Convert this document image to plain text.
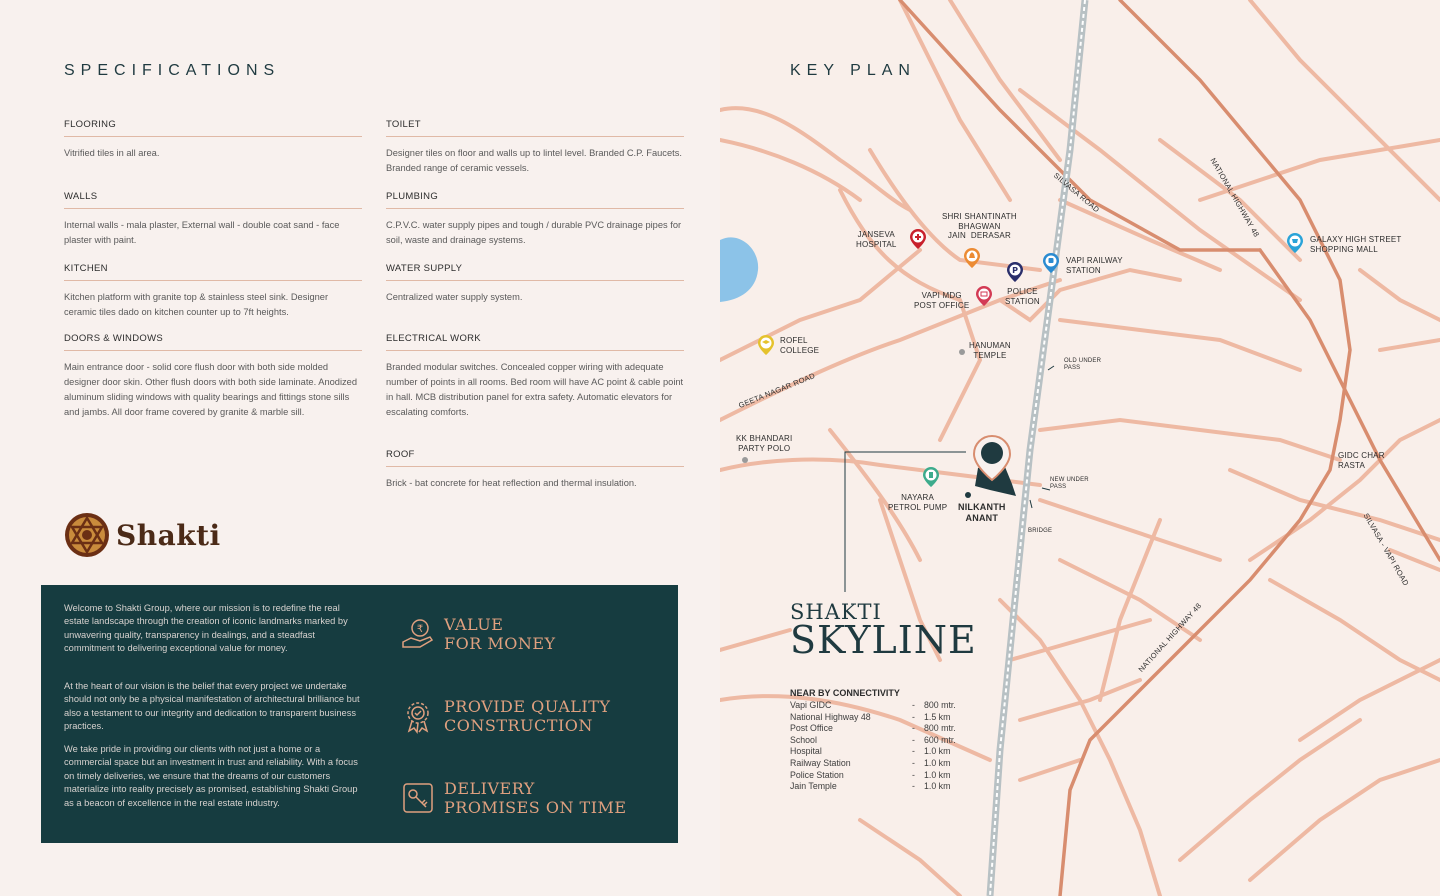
SPECIFICATIONS
FLOORING

Vitrified tiles in all area.

TOILET

Designer tiles on floor and walls up to lintel level. Branded C.P. Faucets. Branded range of ceramic vessels.

WALLS

Internal walls - mala plaster, External wall - double coat sand - face plaster with paint.

PLUMBING

C.P.V.C. water supply pipes and tough / durable PVC drainage pipes for soil, waste and drainage systems.

KITCHEN

Kitchen platform with granite top & stainless steel sink. Designer ceramic tiles dado on kitchen counter up to 7ft heights.

WATER SUPPLY

Centralized water supply system.

DOORS & WINDOWS

Main entrance door - solid core flush door with both side molded designer door skin. Other flush doors with both side laminate. Anodized aluminum sliding windows with quality bearings and fittings stone sills and jambs. All door frame covered by granite & marble sill.

ELECTRICAL WORK

Branded modular switches. Concealed copper wiring with adequate number of points in all rooms. Bed room will have AC point & cable point in hall. MCB distribution panel for extra safety. Automatic elevators for escalating comforts.

ROOF

Brick - bat concrete for heat reflection and thermal insulation.

Shakti
Welcome to Shakti Group, where our mission is to redefine the real estate landscape through the creation of iconic landmarks marked by unwavering quality, transparency in dealings, and a steadfast commitment to delivering exceptional value for money.
At the heart of our vision is the belief that every project we undertake should not only be a physical manifestation of architectural brilliance but also a testament to our integrity and dedication to transparent business practices.
We take pride in providing our clients with not just a home or a commercial space but an investment in trust and reliability. With a focus on timely deliveries, we ensure that the dreams of our customers materialize into reality precisely as promised, establishing Shakti Group as a beacon of excellence in the real estate industry.
₹ VALUE
FOR MONEY
PROVIDE QUALITY
CONSTRUCTION
DELIVERY
PROMISES ON TIME
P
KEY PLAN
JANSEVA
HOSPITAL
SHRI SHANTINATH
BHAGWAN
JAIN  DERASAR
VAPI MDG
POST OFFICE
POLICE
STATION
VAPI RAILWAY
STATION
GALAXY HIGH STREET
SHOPPING MALL
ROFEL
COLLEGE	HANUMAN
TEMPLE
OLD UNDER
PASS
KK BHANDARI
PARTY POLO
NAYARA
PETROL PUMP NILKANTH
ANANT
NEW UNDER
PASS
BRIDGE
GIDC CHAR
RASTA
SILVASA ROAD	NATIONAL HIGHWAY 48
GEETA NAGAR ROAD
SILVASA - VAPI ROAD
NATIONAL HIGHWAY 48
SHAKTI
SKYLINE
NEAR BY CONNECTIVITY
Vapi GIDC	-	800 mtr.
National Highway 48	-	1.5 km
Post Office	-	800 mtr.
School	-	600 mtr.
Hospital	-	1.0 km
Railway Station	-	1.0 km
Police Station	-	1.0 km
Jain Temple	-	1.0 km
